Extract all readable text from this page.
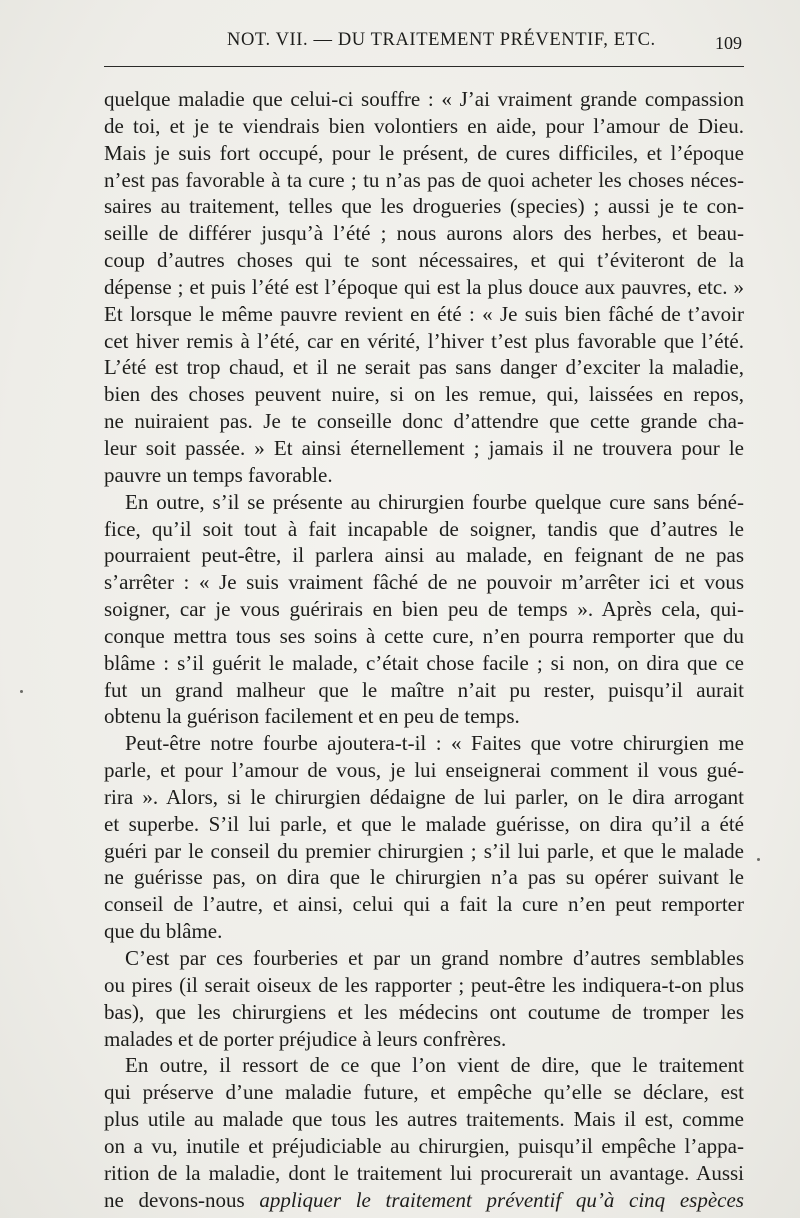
NOT. VII. — DU TRAITEMENT PRÉVENTIF, ETC.	109
quelque maladie que celui-ci souffre : « J’ai vraiment grande compassion
de toi, et je te viendrais bien volontiers en aide, pour l’amour de Dieu.
Mais je suis fort occupé, pour le présent, de cures difficiles, et l’époque
n’est pas favorable à ta cure ; tu n’as pas de quoi acheter les choses néces-
saires au traitement, telles que les drogueries (species) ; aussi je te con-
seille de différer jusqu’à l’été ; nous aurons alors des herbes, et beau-
coup d’autres choses qui te sont nécessaires, et qui t’éviteront de la
dépense ; et puis l’été est l’époque qui est la plus douce aux pauvres, etc. »
Et lorsque le même pauvre revient en été : « Je suis bien fâché de t’avoir
cet hiver remis à l’été, car en vérité, l’hiver t’est plus favorable que l’été.
L’été est trop chaud, et il ne serait pas sans danger d’exciter la maladie,
bien des choses peuvent nuire, si on les remue, qui, laissées en repos,
ne nuiraient pas. Je te conseille donc d’attendre que cette grande cha-
leur soit passée. » Et ainsi éternellement ; jamais il ne trouvera pour le
pauvre un temps favorable.
En outre, s’il se présente au chirurgien fourbe quelque cure sans béné-
fice, qu’il soit tout à fait incapable de soigner, tandis que d’autres le
pourraient peut-être, il parlera ainsi au malade, en feignant de ne pas
s’arrêter : « Je suis vraiment fâché de ne pouvoir m’arrêter ici et vous
soigner, car je vous guérirais en bien peu de temps ». Après cela, qui-
conque mettra tous ses soins à cette cure, n’en pourra remporter que du
blâme : s’il guérit le malade, c’était chose facile ; si non, on dira que ce
fut un grand malheur que le maître n’ait pu rester, puisqu’il aurait
obtenu la guérison facilement et en peu de temps.
Peut-être notre fourbe ajoutera-t-il : « Faites que votre chirurgien me
parle, et pour l’amour de vous, je lui enseignerai comment il vous gué-
rira ». Alors, si le chirurgien dédaigne de lui parler, on le dira arrogant
et superbe. S’il lui parle, et que le malade guérisse, on dira qu’il a été
guéri par le conseil du premier chirurgien ; s’il lui parle, et que le malade
ne guérisse pas, on dira que le chirurgien n’a pas su opérer suivant le
conseil de l’autre, et ainsi, celui qui a fait la cure n’en peut remporter
que du blâme.
C’est par ces fourberies et par un grand nombre d’autres semblables
ou pires (il serait oiseux de les rapporter ; peut-être les indiquera-t-on plus
bas), que les chirurgiens et les médecins ont coutume de tromper les
malades et de porter préjudice à leurs confrères.
En outre, il ressort de ce que l’on vient de dire, que le traitement
qui préserve d’une maladie future, et empêche qu’elle se déclare, est
plus utile au malade que tous les autres traitements. Mais il est, comme
on a vu, inutile et préjudiciable au chirurgien, puisqu’il empêche l’appa-
rition de la maladie, dont le traitement lui procurerait un avantage. Aussi
ne devons-nous appliquer le traitement préventif qu’à cinq espèces
